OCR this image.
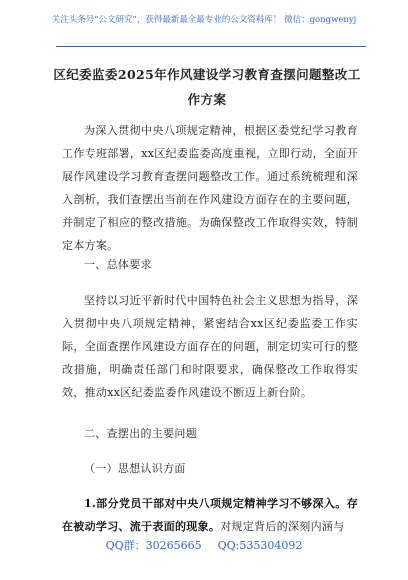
关注头条号“公文研究”，获得最新最全最专业的公文资料库！ 微信：gongwenyj
区纪委监委2025年作风建设学习教育查摆问题整改工作方案
为深入贯彻中央八项规定精神，根据区委党纪学习教育工作专班部署，xx区纪委监委高度重视，立即行动，全面开展作风建设学习教育查摆问题整改工作。通过系统梳理和深入剖析，我们查摆出当前在作风建设方面存在的主要问题，并制定了相应的整改措施。为确保整改工作取得实效，特制定本方案。
一、总体要求
坚持以习近平新时代中国特色社会主义思想为指导，深入贯彻中央八项规定精神，紧密结合xx区纪委监委工作实际，全面查摆作风建设方面存在的问题，制定切实可行的整改措施，明确责任部门和时限要求，确保整改工作取得实效，推动xx区纪委监委作风建设不断迈上新台阶。
二、查摆出的主要问题
（一）思想认识方面
1.部分党员干部对中央八项规定精神学习不够深入。存在被动学习、流于表面的现象。对规定背后的深刻内涵与
QQ群：30265665 QQ:535304092
